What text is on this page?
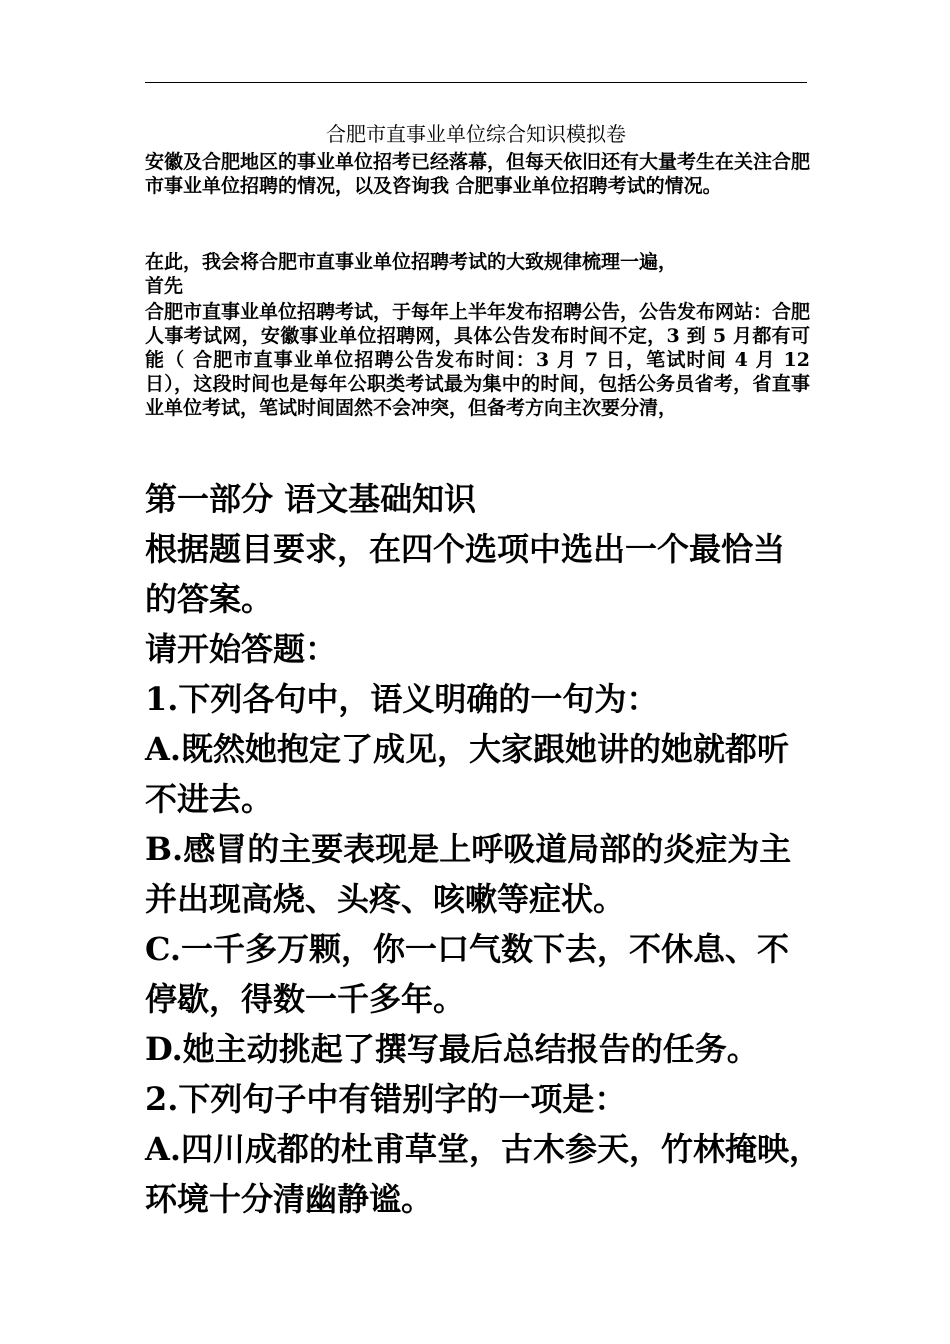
合肥市直事业单位综合知识模拟卷
安徽及合肥地区的事业单位招考已经落幕，但每天依旧还有大量考生在关注合肥市事业单位招聘的情况，以及咨询我 合肥事业单位招聘考试的情况。
在此，我会将合肥市直事业单位招聘考试的大致规律梳理一遍，
首先
合肥市直事业单位招聘考试，于每年上半年发布招聘公告，公告发布网站：合肥人事考试网，安徽事业单位招聘网，具体公告发布时间不定，3 到 5 月都有可能（ 合肥市直事业单位招聘公告发布时间：3 月 7 日，笔试时间 4 月 12 日），这段时间也是每年公职类考试最为集中的时间，包括公务员省考，省直事业单位考试，笔试时间固然不会冲突，但备考方向主次要分清，

第一部分 语文基础知识

根据题目要求，在四个选项中选出一个最恰当

的答案。

请开始答题：

1.下列各句中，语义明确的一句为：

A.既然她抱定了成见，大家跟她讲的她就都听

不进去。

B.感冒的主要表现是上呼吸道局部的炎症为主

并出现高烧、头疼、咳嗽等症状。

C.一千多万颗，你一口气数下去，不休息、不

停歇，得数一千多年。

D.她主动挑起了撰写最后总结报告的任务。

2.下列句子中有错别字的一项是：

A.四川成都的杜甫草堂，古木参天，竹林掩映，

环境十分清幽静谧。
